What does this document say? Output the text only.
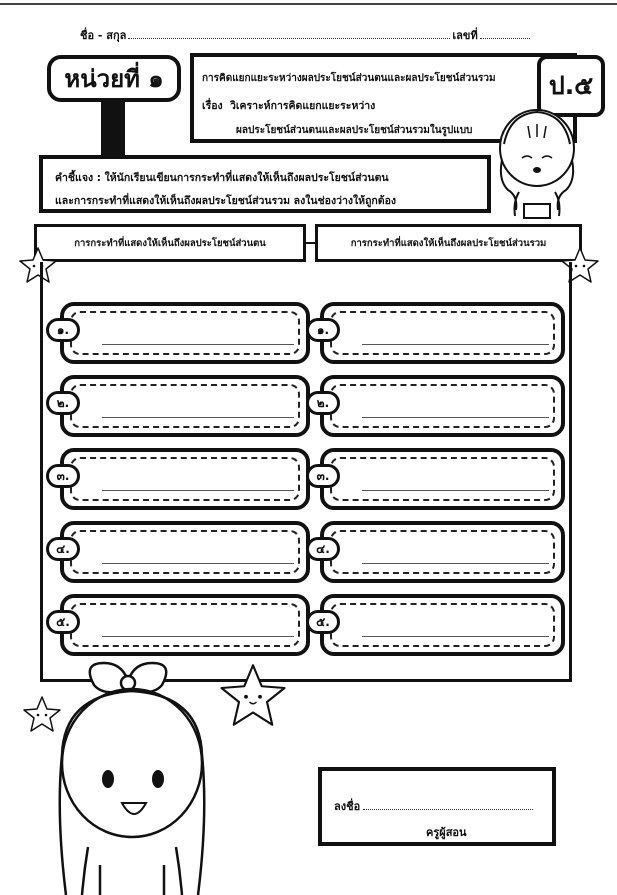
ชื่อ - สกุล	เลขที่
หน่วยที่ ๑	การคิดแยกแยะระหว่างผลประโยชน์ส่วนตนและผลประโยชน์ส่วนรวม
เรื่อง วิเคราะห์การคิดแยกแยะระหว่าง
ผลประโยชน์ส่วนตนและผลประโยชน์ส่วนรวมในรูปแบบ
ป.๕
คำชี้แจง : ให้นักเรียนเขียนการกระทำที่แสดงให้เห็นถึงผลประโยชน์ส่วนตน
และการกระทำที่แสดงให้เห็นถึงผลประโยชน์ส่วนรวม ลงในช่องว่างให้ถูกต้อง
การกระทำที่แสดงให้เห็นถึงผลประโยชน์ส่วนตน	การกระทำที่แสดงให้เห็นถึงผลประโยชน์ส่วนรวม
๑.	๑.
๒.	๒.
๓.	๓.
๔.	๔.
๕.	๕.
ลงชื่อ
ครูผู้สอน
